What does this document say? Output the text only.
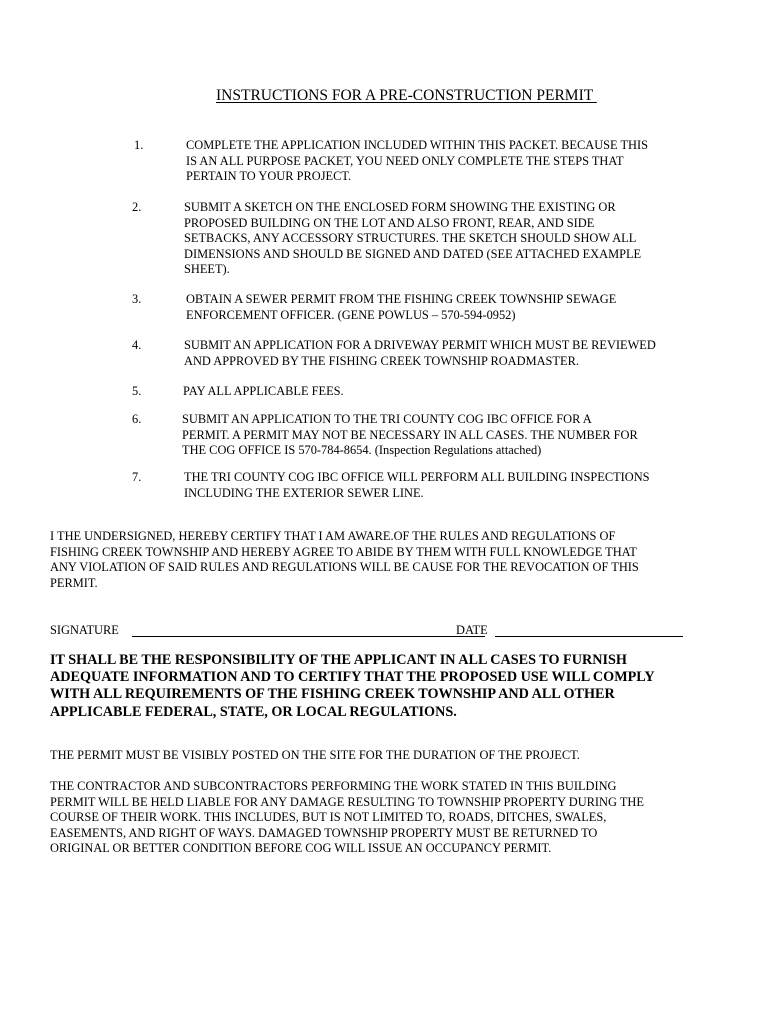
INSTRUCTIONS FOR A PRE-CONSTRUCTION PERMIT
1.	COMPLETE THE APPLICATION INCLUDED WITHIN THIS PACKET. BECAUSE THIS
IS AN ALL PURPOSE PACKET, YOU NEED ONLY COMPLETE THE STEPS THAT
PERTAIN TO YOUR PROJECT.
2.	SUBMIT A SKETCH ON THE ENCLOSED FORM SHOWING THE EXISTING OR
PROPOSED BUILDING ON THE LOT AND ALSO FRONT, REAR, AND SIDE
SETBACKS, ANY ACCESSORY STRUCTURES. THE SKETCH SHOULD SHOW ALL
DIMENSIONS AND SHOULD BE SIGNED AND DATED (SEE ATTACHED EXAMPLE
SHEET).
3.	OBTAIN A SEWER PERMIT FROM THE FISHING CREEK TOWNSHIP SEWAGE
ENFORCEMENT OFFICER. (GENE POWLUS – 570-594-0952)
4.	SUBMIT AN APPLICATION FOR A DRIVEWAY PERMIT WHICH MUST BE REVIEWED
AND APPROVED BY THE FISHING CREEK TOWNSHIP ROADMASTER.
5.	PAY ALL APPLICABLE FEES.
6.	SUBMIT AN APPLICATION TO THE TRI COUNTY COG IBC OFFICE FOR A
PERMIT. A PERMIT MAY NOT BE NECESSARY IN ALL CASES. THE NUMBER FOR
THE COG OFFICE IS 570-784-8654. (Inspection Regulations attached)
7.	THE TRI COUNTY COG IBC OFFICE WILL PERFORM ALL BUILDING INSPECTIONS
INCLUDING THE EXTERIOR SEWER LINE.
I THE UNDERSIGNED, HEREBY CERTIFY THAT I AM AWARE.OF THE RULES AND REGULATIONS OF
FISHING CREEK TOWNSHIP AND HEREBY AGREE TO ABIDE BY THEM WITH FULL KNOWLEDGE THAT
ANY VIOLATION OF SAID RULES AND REGULATIONS WILL BE CAUSE FOR THE REVOCATION OF THIS
PERMIT.
SIGNATURE	DATE
IT SHALL BE THE RESPONSIBILITY OF THE APPLICANT IN ALL CASES TO FURNISH
ADEQUATE INFORMATION AND TO CERTIFY THAT THE PROPOSED USE WILL COMPLY
WITH ALL REQUIREMENTS OF THE FISHING CREEK TOWNSHIP AND ALL OTHER
APPLICABLE FEDERAL, STATE, OR LOCAL REGULATIONS.
THE PERMIT MUST BE VISIBLY POSTED ON THE SITE FOR THE DURATION OF THE PROJECT.
THE CONTRACTOR AND SUBCONTRACTORS PERFORMING THE WORK STATED IN THIS BUILDING
PERMIT WILL BE HELD LIABLE FOR ANY DAMAGE RESULTING TO TOWNSHIP PROPERTY DURING THE
COURSE OF THEIR WORK. THIS INCLUDES, BUT IS NOT LIMITED TO, ROADS, DITCHES, SWALES,
EASEMENTS, AND RIGHT OF WAYS. DAMAGED TOWNSHIP PROPERTY MUST BE RETURNED TO
ORIGINAL OR BETTER CONDITION BEFORE COG WILL ISSUE AN OCCUPANCY PERMIT.
